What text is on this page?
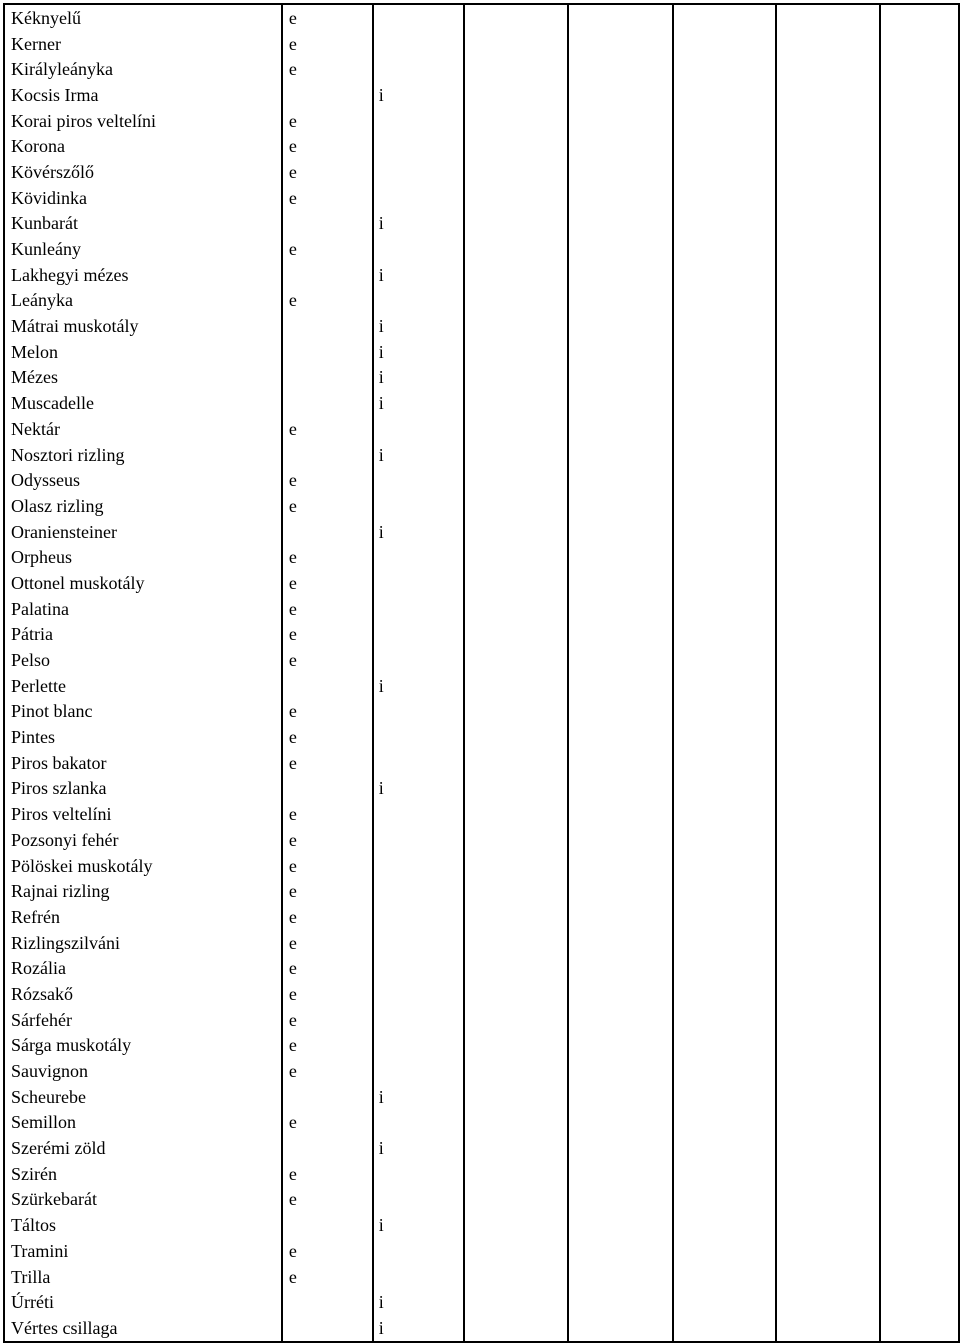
Kéknyelű	e						
Kerner	e						
Királyleányka	e						
Kocsis Irma		i					
Korai piros veltelíni	e						
Korona	e						
Kövérszőlő	e						
Kövidinka	e						
Kunbarát		i					
Kunleány	e						
Lakhegyi mézes		i					
Leányka	e						
Mátrai muskotály		i					
Melon		i					
Mézes		i					
Muscadelle		i					
Nektár	e						
Nosztori rizling		i					
Odysseus	e						
Olasz rizling	e						
Oraniensteiner		i					
Orpheus	e						
Ottonel muskotály	e						
Palatina	e						
Pátria	e						
Pelso	e						
Perlette		i					
Pinot blanc	e						
Pintes	e						
Piros bakator	e						
Piros szlanka		i					
Piros veltelíni	e						
Pozsonyi fehér	e						
Pölöskei muskotály	e						
Rajnai rizling	e						
Refrén	e						
Rizlingszilváni	e						
Rozália	e						
Rózsakő	e						
Sárfehér	e						
Sárga muskotály	e						
Sauvignon	e						
Scheurebe		i					
Semillon	e						
Szerémi zöld		i					
Szirén	e						
Szürkebarát	e						
Táltos		i					
Tramini	e						
Trilla	e						
Úrréti		i					
Vértes csillaga		i					
